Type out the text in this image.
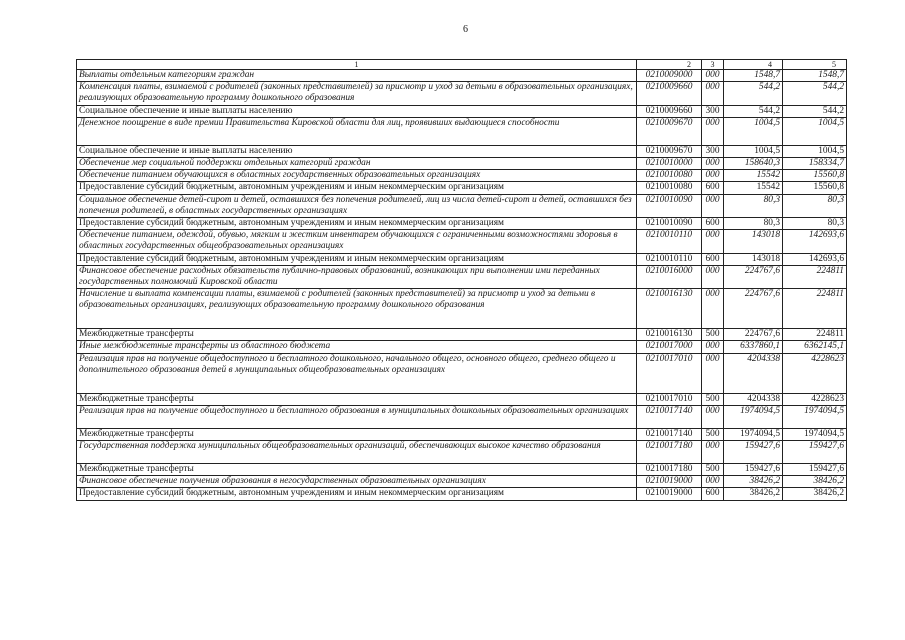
6
1	2	3	4	5
Выплаты отдельным категориям граждан	0210009000	000	1548,7	1548,7
Компенсация платы, взимаемой с родителей (законных представителей) за присмотр и уход за детьми в образовательных организациях, реализующих образовательную программу дошкольного образования	0210009660	000	544,2	544,2
Социальное обеспечение и иные выплаты населению	0210009660	300	544,2	544,2
Денежное поощрение в виде премии Правительства Кировской области для лиц, проявивших выдающиеся способности	0210009670	000	1004,5	1004,5
Социальное обеспечение и иные выплаты населению	0210009670	300	1004,5	1004,5
Обеспечение мер социальной поддержки отдельных категорий граждан	0210010000	000	158640,3	158334,7
Обеспечение питанием обучающихся в областных государственных образовательных организациях	0210010080	000	15542	15560,8
Предоставление субсидий бюджетным, автономным учреждениям и иным некоммерческим организациям	0210010080	600	15542	15560,8
Социальное обеспечение детей-сирот и детей, оставшихся без попечения родителей, лиц из числа детей-сирот и детей, оставшихся без попечения родителей, в областных государственных организациях	0210010090	000	80,3	80,3
Предоставление субсидий бюджетным, автономным учреждениям и иным некоммерческим организациям	0210010090	600	80,3	80,3
Обеспечение питанием, одеждой, обувью, мягким и жестким инвентарем обучающихся с ограниченными возможностями здоровья в областных государственных общеобразовательных организациях	0210010110	000	143018	142693,6
Предоставление субсидий бюджетным, автономным учреждениям и иным некоммерческим организациям	0210010110	600	143018	142693,6
Финансовое обеспечение расходных обязательств публично-правовых образований, возникающих при выполнении ими переданных государственных полномочий Кировской области	0210016000	000	224767,6	224811
Начисление и выплата компенсации платы, взимаемой с родителей (законных представителей) за присмотр и уход за детьми в образовательных организациях, реализующих образовательную программу дошкольного образования	0210016130	000	224767,6	224811
Межбюджетные трансферты	0210016130	500	224767,6	224811
Иные межбюджетные трансферты из областного бюджета	0210017000	000	6337860,1	6362145,1
Реализация прав на получение общедоступного и бесплатного дошкольного, начального общего, основного общего, среднего общего и дополнительного образования детей в муниципальных общеобразовательных организациях	0210017010	000	4204338	4228623
Межбюджетные трансферты	0210017010	500	4204338	4228623
Реализация прав на получение общедоступного и бесплатного образования в муниципальных дошкольных образовательных организациях	0210017140	000	1974094,5	1974094,5
Межбюджетные трансферты	0210017140	500	1974094,5	1974094,5
Государственная поддержка муниципальных общеобразовательных организаций, обеспечивающих высокое качество образования	0210017180	000	159427,6	159427,6
Межбюджетные трансферты	0210017180	500	159427,6	159427,6
Финансовое обеспечение получения образования в негосударственных образовательных организациях	0210019000	000	38426,2	38426,2
Предоставление субсидий бюджетным, автономным учреждениям и иным некоммерческим организациям	0210019000	600	38426,2	38426,2
